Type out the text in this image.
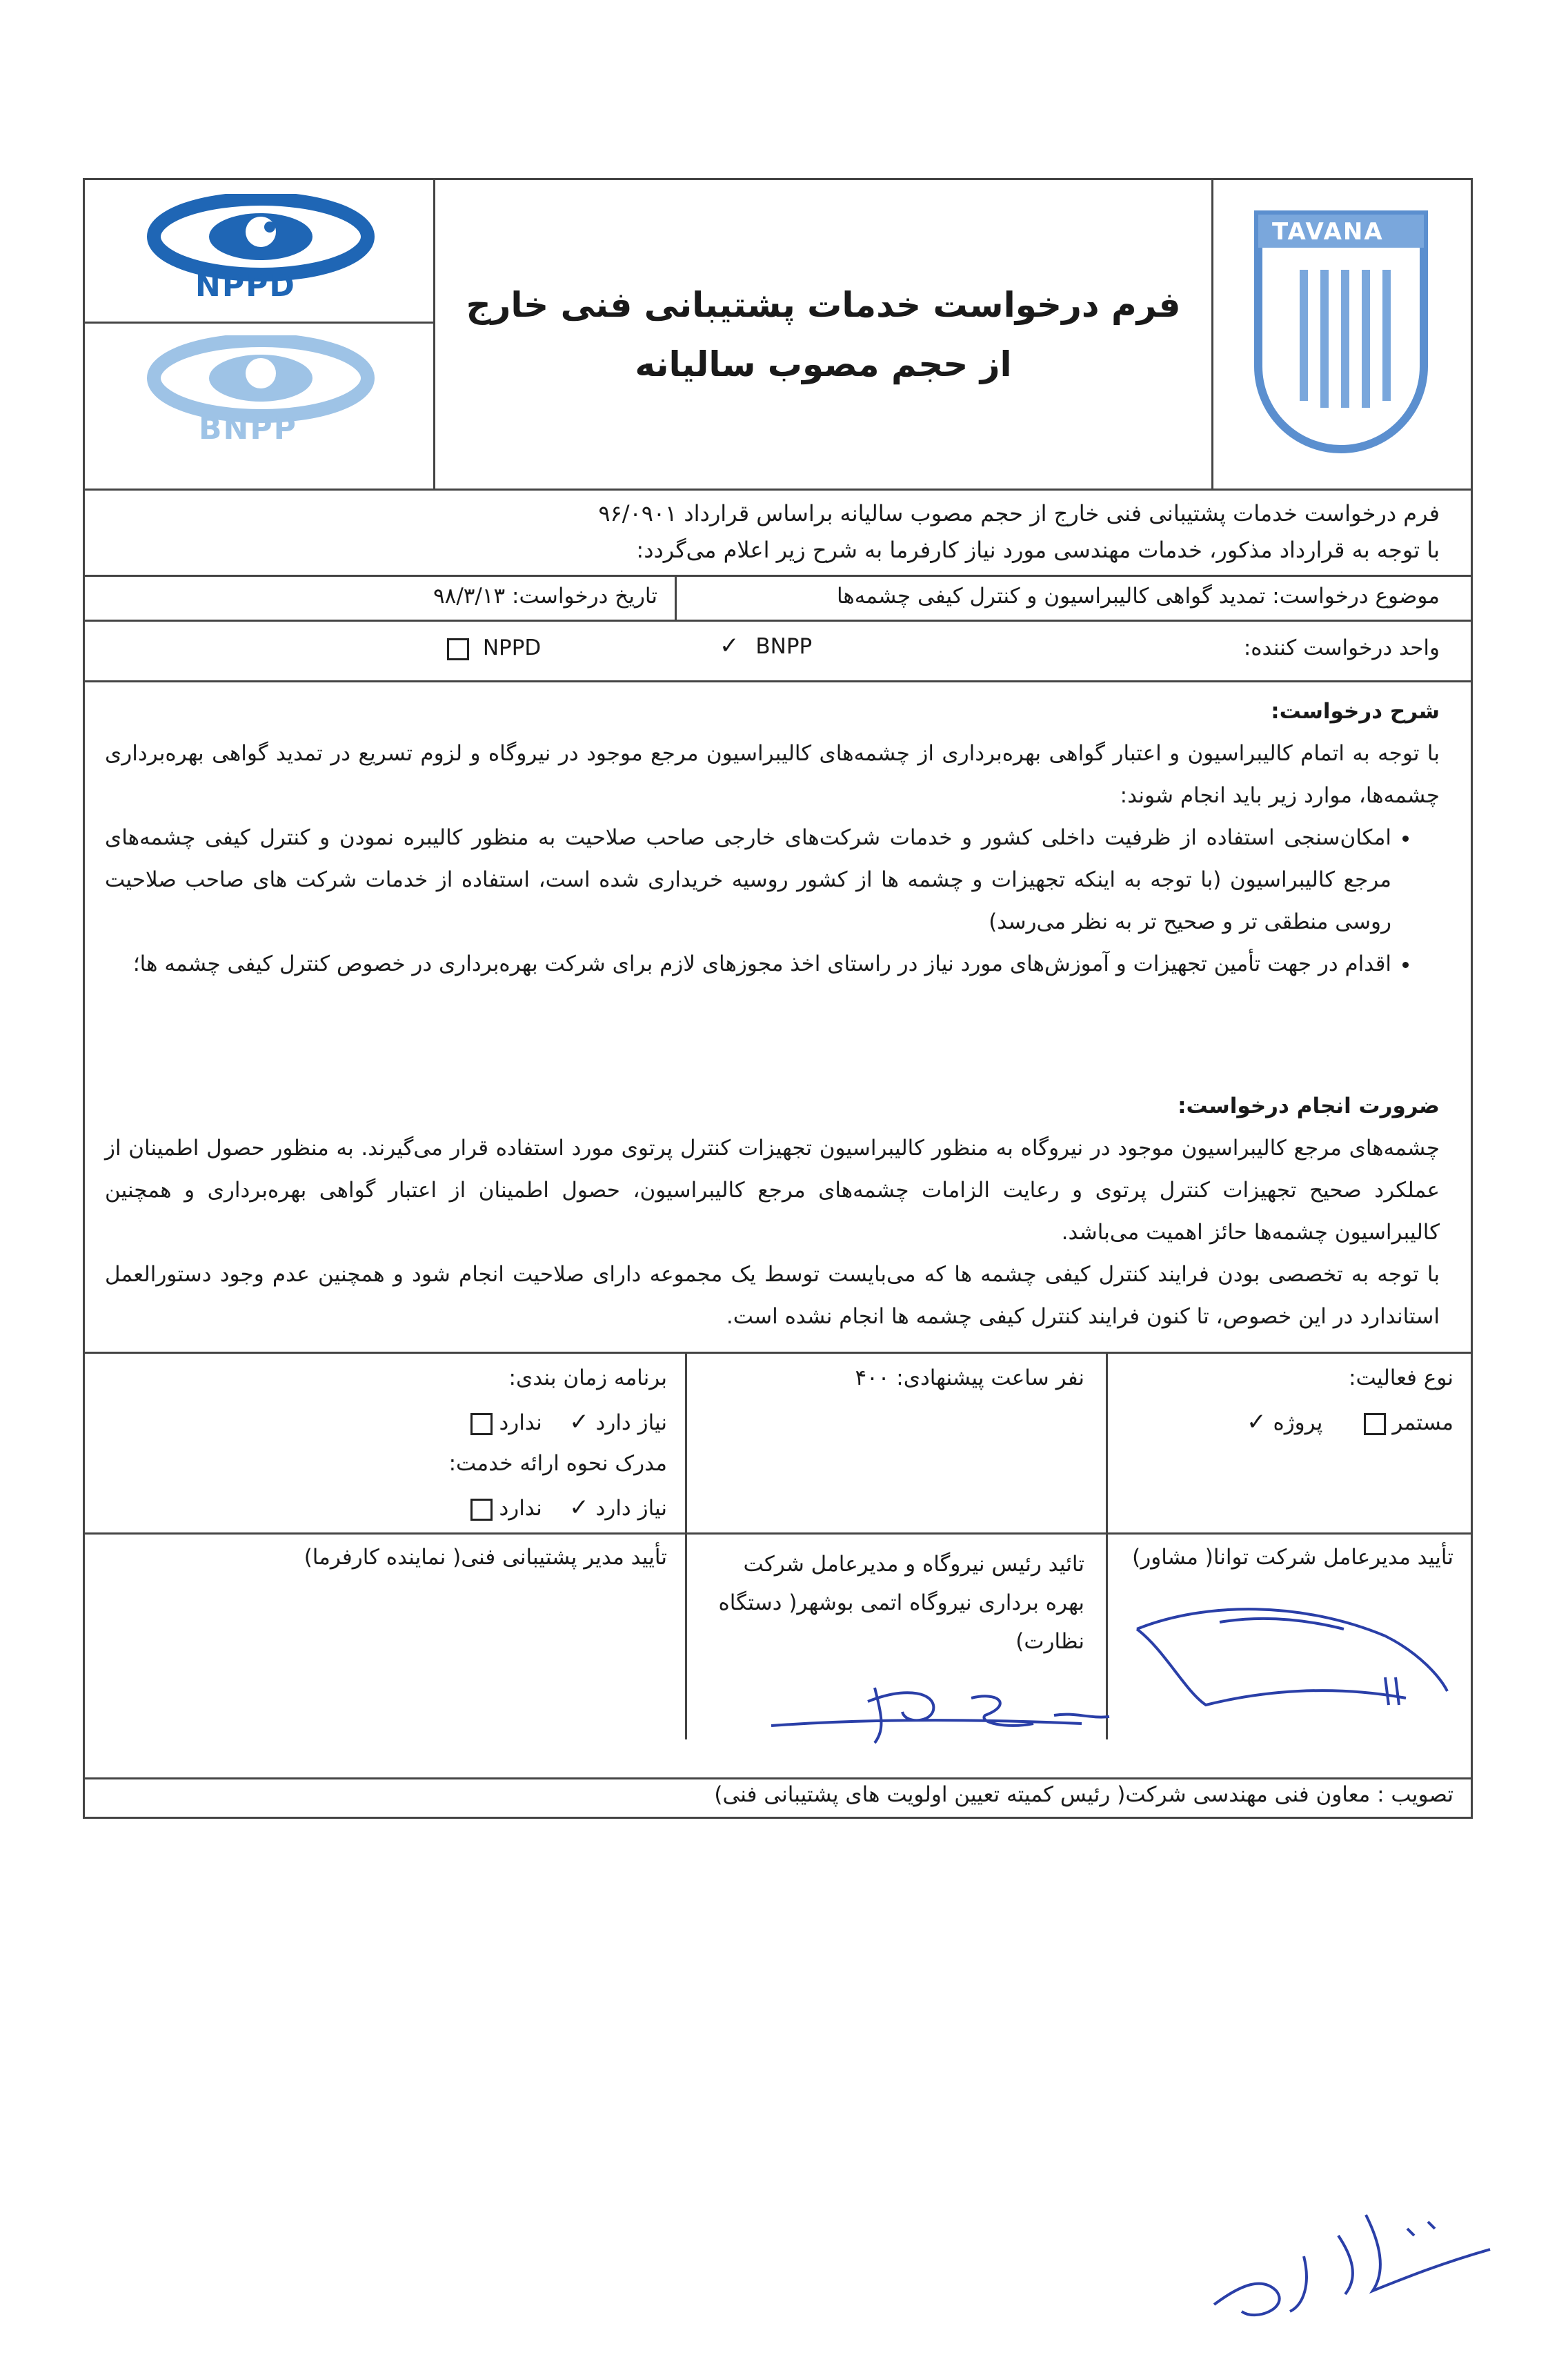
NPPD
BNPP
فرم درخواست خدمات پشتیبانی فنی خارج از حجم مصوب سالیانه
TAVANA
فرم درخواست خدمات پشتیبانی فنی خارج از حجم مصوب سالیانه براساس قرارداد ۹۶/۰۹۰۱
با توجه به قرارداد مذکور، خدمات مهندسی مورد نیاز کارفرما به شرح زیر اعلام می‌گردد:
موضوع درخواست: تمدید گواهی کالیبراسیون و کنترل کیفی چشمه‌ها
تاریخ درخواست: ۹۸/۳/۱۳
واحد درخواست کننده:
✓ BNPP
NPPD
شرح درخواست:
با توجه به اتمام کالیبراسیون و اعتبار گواهی بهره‌برداری از چشمه‌های کالیبراسیون مرجع موجود در نیروگاه و لزوم تسریع در تمدید گواهی بهره‌برداری چشمه‌ها، موارد زیر باید انجام شوند:
• امکان‌سنجی استفاده از ظرفیت داخلی کشور و خدمات شرکت‌های خارجی صاحب صلاحیت به منظور کالیبره نمودن و کنترل کیفی چشمه‌های مرجع کالیبراسیون (با توجه به اینکه تجهیزات و چشمه ها از کشور روسیه خریداری شده است، استفاده از خدمات شرکت های صاحب صلاحیت روسی منطقی تر و صحیح تر به نظر می‌رسد)
• اقدام در جهت تأمین تجهیزات و آموزش‌های مورد نیاز در راستای اخذ مجوزهای لازم برای شرکت بهره‌برداری در خصوص کنترل کیفی چشمه ها؛
ضرورت انجام درخواست:
چشمه‌های مرجع کالیبراسیون موجود در نیروگاه به منظور کالیبراسیون تجهیزات کنترل پرتوی مورد استفاده قرار می‌گیرند. به منظور حصول اطمینان از عملکرد صحیح تجهیزات کنترل پرتوی و رعایت الزامات چشمه‌های مرجع کالیبراسیون، حصول اطمینان از اعتبار گواهی بهره‌برداری و همچنین کالیبراسیون چشمه‌ها حائز اهمیت می‌باشد.
با توجه به تخصصی بودن فرایند کنترل کیفی چشمه ها که می‌بایست توسط یک مجموعه دارای صلاحیت انجام شود و همچنین عدم وجود دستورالعمل استاندارد در این خصوص، تا کنون فرایند کنترل کیفی چشمه ها انجام نشده است.
نوع فعالیت:
مستمر       پروژه ✓
نفر ساعت پیشنهادی: ۴۰۰
برنامه زمان بندی:
نیاز دارد ✓    ندارد
مدرک نحوه ارائه خدمت:
نیاز دارد ✓    ندارد
تأیید مدیرعامل شرکت توانا( مشاور)
تائید رئیس نیروگاه و مدیرعامل شرکت بهره برداری نیروگاه اتمی بوشهر( دستگاه نظارت)
تأیید مدیر پشتیبانی فنی( نماینده کارفرما)
تصویب : معاون فنی مهندسی شرکت( رئیس کمیته تعیین اولویت های پشتیبانی فنی)
